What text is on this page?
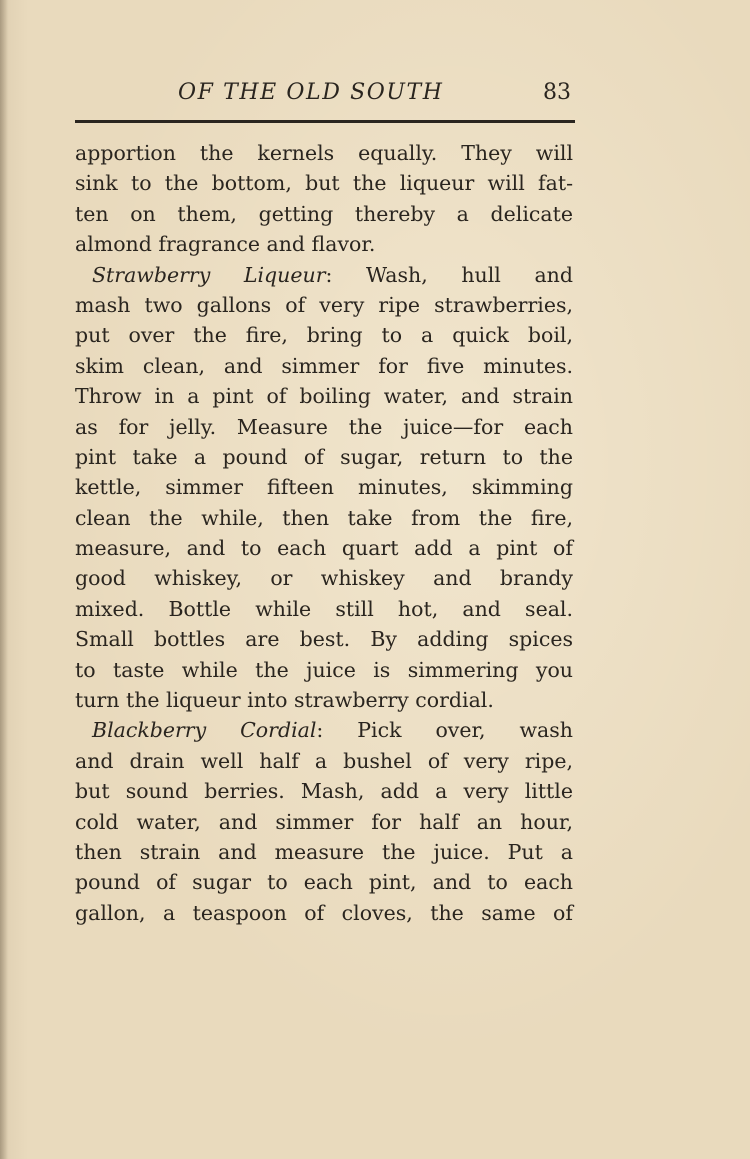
OF THE OLD SOUTH	83
apportion the kernels equally. They will
sink to the bottom, but the liqueur will fat-
ten on them, getting thereby a delicate
almond fragrance and flavor.
Strawberry Liqueur: Wash, hull and
mash two gallons of very ripe strawberries,
put over the fire, bring to a quick boil,
skim clean, and simmer for five minutes.
Throw in a pint of boiling water, and strain
as for jelly. Measure the juice—for each
pint take a pound of sugar, return to the
kettle, simmer fifteen minutes, skimming
clean the while, then take from the fire,
measure, and to each quart add a pint of
good whiskey, or whiskey and brandy
mixed. Bottle while still hot, and seal.
Small bottles are best. By adding spices
to taste while the juice is simmering you
turn the liqueur into strawberry cordial.
Blackberry Cordial: Pick over, wash
and drain well half a bushel of very ripe,
but sound berries. Mash, add a very little
cold water, and simmer for half an hour,
then strain and measure the juice. Put a
pound of sugar to each pint, and to each
gallon, a teaspoon of cloves, the same of
